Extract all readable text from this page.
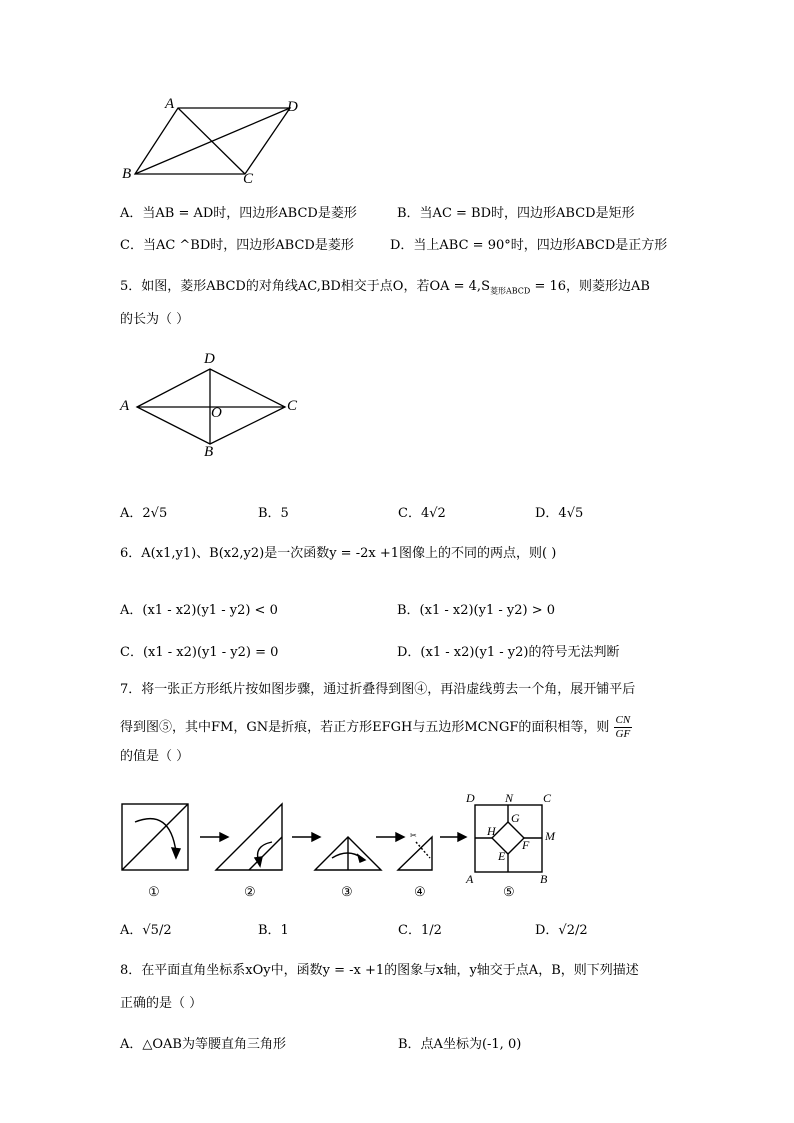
A	D
B	C
A．当AB = AD时，四边形ABCD是菱形	B．当AC = BD时，四边形ABCD是矩形
C．当AC ^BD时，四边形ABCD是菱形	D．当上ABC = 90°时，四边形ABCD是正方形
5．如图，菱形ABCD的对角线AC,BD相交于点O，若OA = $4,S_{菱形ABCD} = 16$，则菱形边AB
的长为（ ）
D
A	C
O
B
A．2√5	B．5	C．4√2	D．4√5
6．A(x1,y1)、B(x2,y2)是一次函数y = -2x +1图像上的不同的两点，则( )
A．(x1 - x2)(y1 - y2) < 0	B．(x1 - x2)(y1 - y2) > 0
C．(x1 - x2)(y1 - y2) = 0	D．(x1 - x2)(y1 - y2)的符号无法判断
7．将一张正方形纸片按如图步骤，通过折叠得到图④，再沿虚线剪去一个角，展开铺平后
得到图⑤，其中FM，GN是折痕，若正方形EFGH与五边形MCNGF的面积相等，则 $\frac{CN}{GF}$
的值是（ ）
✂
①	②	③	④	⑤
D	N C
H
G
M
E
F
A	B
A．√5/2	B．1	C．1/2	D．√2/2
8．在平面直角坐标系xOy中，函数y = -x +1的图象与x轴，y轴交于点A，B，则下列描述
正确的是（ ）
A．△OAB为等腰直角三角形	B．点A坐标为(-1, 0)
